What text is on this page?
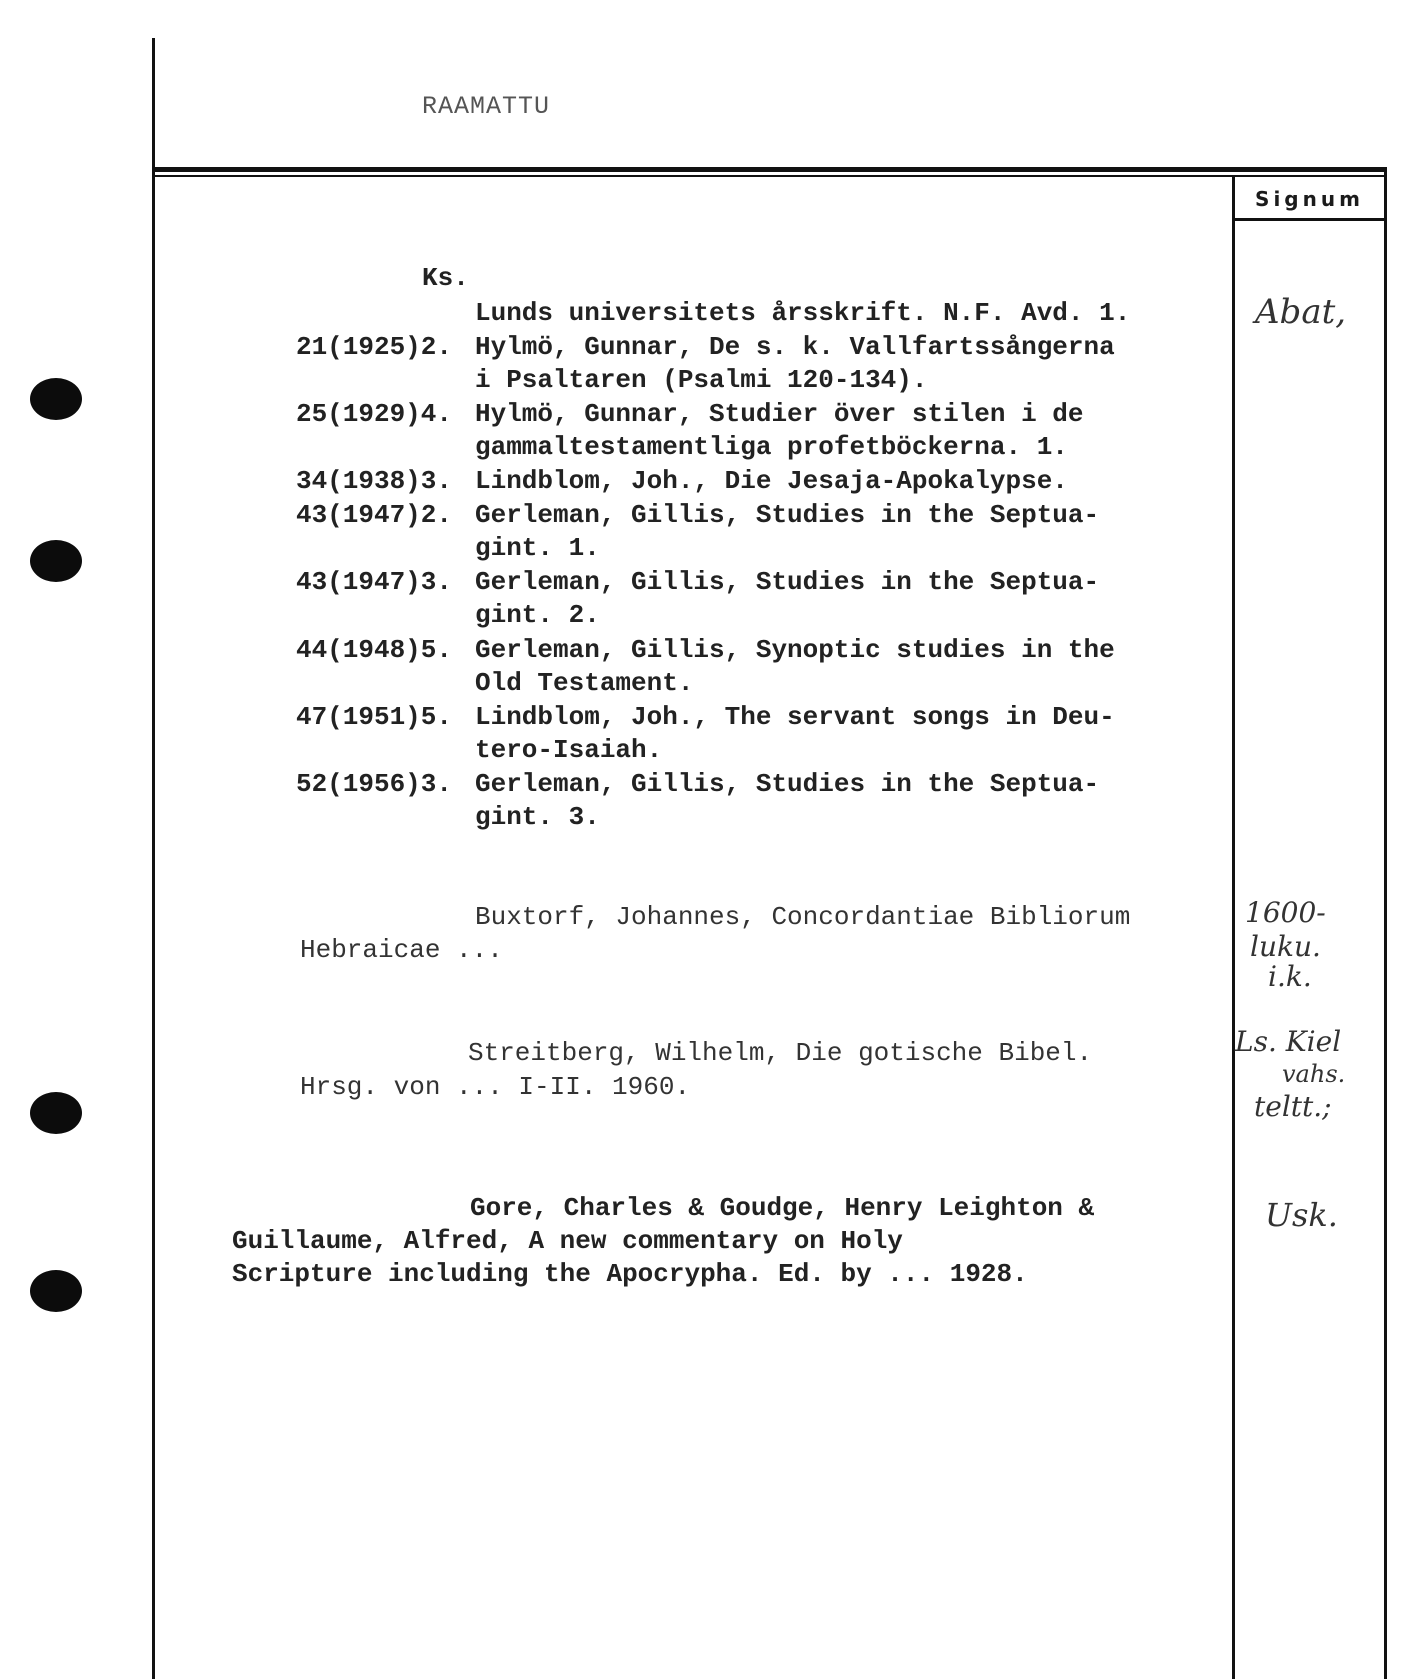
Signum
RAAMATTU
Ks.
Lunds universitets årsskrift. N.F. Avd. 1.
21(1925)2. Hylmö, Gunnar, De s. k. Vallfartssångerna
i Psaltaren (Psalmi 120-134).
25(1929)4. Hylmö, Gunnar, Studier över stilen i de
gammaltestamentliga profetböckerna. 1.
34(1938)3. Lindblom, Joh., Die Jesaja-Apokalypse.
43(1947)2. Gerleman, Gillis, Studies in the Septua-
gint. 1.
43(1947)3. Gerleman, Gillis, Studies in the Septua-
gint. 2.
44(1948)5. Gerleman, Gillis, Synoptic studies in the
Old Testament.
47(1951)5. Lindblom, Joh., The servant songs in Deu-
tero-Isaiah.
52(1956)3. Gerleman, Gillis, Studies in the Septua-
gint. 3.
Buxtorf, Johannes, Concordantiae Bibliorum
Hebraicae ...
Streitberg, Wilhelm, Die gotische Bibel.
Hrsg. von ... I-II. 1960.
Gore, Charles & Goudge, Henry Leighton &
Guillaume, Alfred, A new commentary on Holy
Scripture including the Apocrypha. Ed. by ... 1928.
Abat,
1600-
luku.
i.k.
Ls. Kiel
vahs.
teltt.;
Usk.
